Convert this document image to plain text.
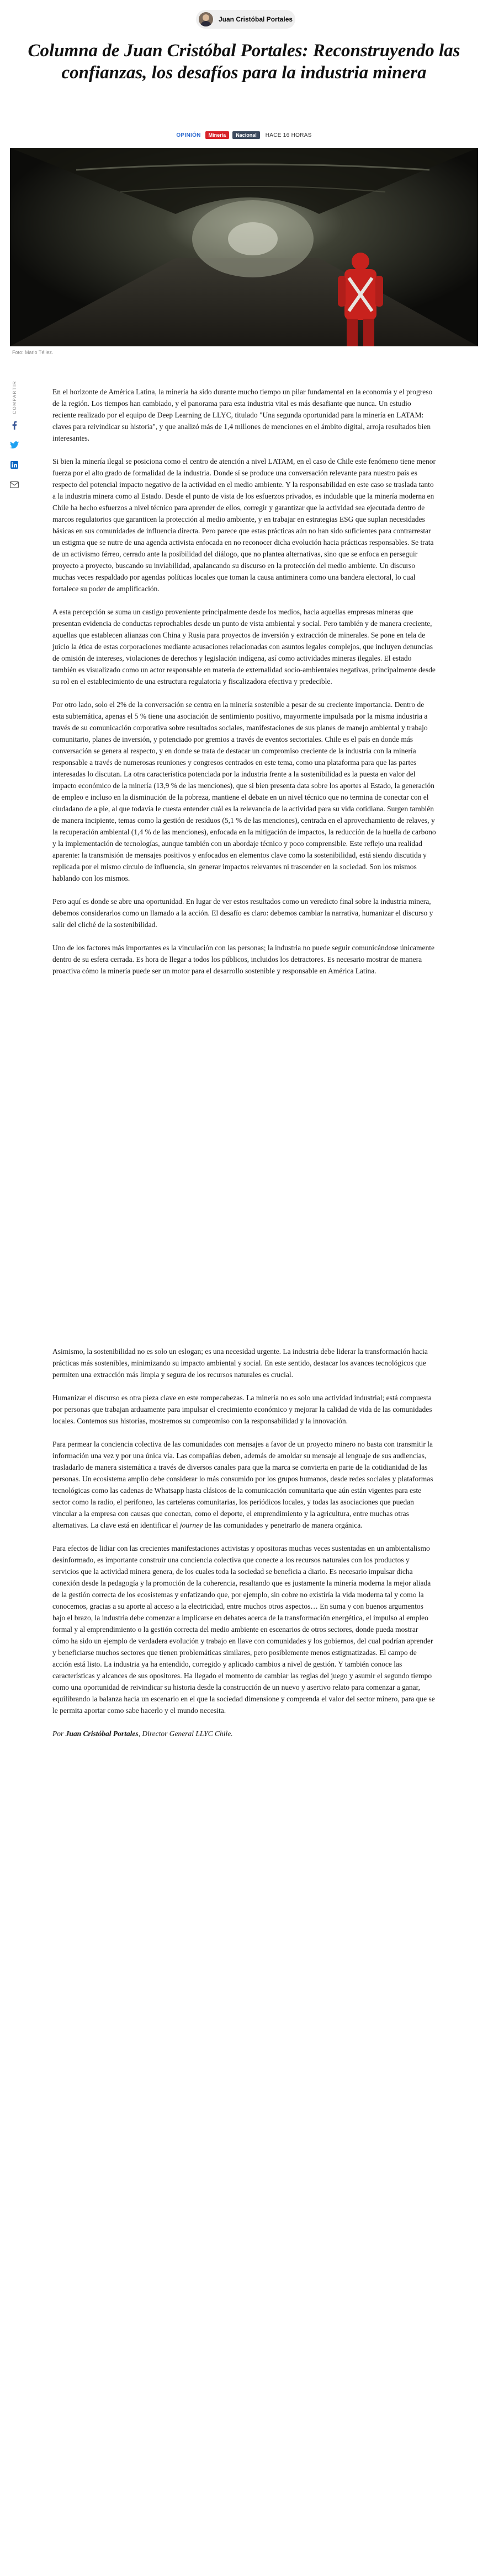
Juan Cristóbal Portales
Columna de Juan Cristóbal Portales: Reconstruyendo las confianzas, los desafíos para la industria minera
OPINIÓN	Minería	Nacional	HACE 16 HORAS
Foto: Mario Téllez.
COMPARTIR	En el horizonte de América Latina, la minería ha sido durante mucho tiempo un pilar fundamental en la economía y el progreso de la región. Los tiempos han cambiado, y el panorama para esta industria vital es más desafiante que nunca. Un estudio reciente realizado por el equipo de Deep Learning de LLYC, titulado "Una segunda oportunidad para la minería en LATAM: claves para reivindicar su historia", y que analizó más de 1,4 millones de menciones en el ámbito digital, arroja resultados bien interesantes.

Si bien la minería ilegal se posiciona como el centro de atención a nivel LATAM, en el caso de Chile este fenómeno tiene menor fuerza por el alto grado de formalidad de la industria. Donde sí se produce una conversación relevante para nuestro país es respecto del potencial impacto negativo de la actividad en el medio ambiente. Y la responsabilidad en este caso se traslada tanto a la industria minera como al Estado. Desde el punto de vista de los esfuerzos privados, es indudable que la minería moderna en Chile ha hecho esfuerzos a nivel técnico para aprender de ellos, corregir y garantizar que la actividad sea ejecutada dentro de marcos regulatorios que garanticen la protección al medio ambiente, y en trabajar en estrategias ESG que suplan necesidades básicas en sus comunidades de influencia directa. Pero parece que estas prácticas aún no han sido suficientes para contrarrestar un estigma que se nutre de una agenda activista enfocada en no reconocer dicha evolución hacia prácticas responsables. Se trata de un activismo férreo, cerrado ante la posibilidad del diálogo, que no plantea alternativas, sino que se enfoca en perseguir proyecto a proyecto, buscando su inviabilidad, apalancando su discurso en la protección del medio ambiente. Un discurso muchas veces respaldado por agendas políticas locales que toman la causa antiminera como una bandera electoral, lo cual fortalece su poder de amplificación.

A esta percepción se suma un castigo proveniente principalmente desde los medios, hacia aquellas empresas mineras que presentan evidencia de conductas reprochables desde un punto de vista ambiental y social. Pero también y de manera creciente, aquellas que establecen alianzas con China y Rusia para proyectos de inversión y extracción de minerales. Se pone en tela de juicio la ética de estas corporaciones mediante acusaciones relacionadas con asuntos legales complejos, que incluyen denuncias de omisión de intereses, violaciones de derechos y legislación indígena, así como actividades mineras ilegales. El estado también es visualizado como un actor responsable en materia de externalidad socio-ambientales negativas, principalmente desde su rol en el establecimiento de una estructura regulatoria y fiscalizadora efectiva y predecible.

Por otro lado, solo el 2% de la conversación se centra en la minería sostenible a pesar de su creciente importancia. Dentro de esta subtemática, apenas el 5 % tiene una asociación de sentimiento positivo, mayormente impulsada por la misma industria a través de su comunicación corporativa sobre resultados sociales, manifestaciones de sus planes de manejo ambiental y trabajo comunitario, planes de inversión, y potenciado por gremios a través de eventos sectoriales. Chile es el país en donde más conversación se genera al respecto, y en donde se trata de destacar un compromiso creciente de la industria con la minería responsable a través de numerosas reuniones y congresos centrados en este tema, como una plataforma para que las partes interesadas lo discutan. La otra característica potenciada por la industria frente a la sostenibilidad es la puesta en valor del impacto económico de la minería (13,9 % de las menciones), que si bien presenta data sobre los aportes al Estado, la generación de empleo e incluso en la disminución de la pobreza, mantiene el debate en un nivel técnico que no termina de conectar con el ciudadano de a pie, al que todavía le cuesta entender cuál es la relevancia de la actividad para su vida cotidiana. Surgen también de manera incipiente, temas como la gestión de residuos (5,1 % de las menciones), centrada en el aprovechamiento de relaves, y la recuperación ambiental (1,4 % de las menciones), enfocada en la mitigación de impactos, la reducción de la huella de carbono y la implementación de tecnologías, aunque también con un abordaje técnico y poco comprensible. Este reflejo una realidad aparente: la transmisión de mensajes positivos y enfocados en elementos clave como la sostenibilidad, está siendo discutida y replicada por el mismo círculo de influencia, sin generar impactos relevantes ni trascender en la sociedad. Son los mismos hablando con los mismos.

Pero aquí es donde se abre una oportunidad. En lugar de ver estos resultados como un veredicto final sobre la industria minera, debemos considerarlos como un llamado a la acción. El desafío es claro: debemos cambiar la narrativa, humanizar el discurso y salir del cliché de la sostenibilidad.

Uno de los factores más importantes es la vinculación con las personas; la industria no puede seguir comunicándose únicamente dentro de su esfera cerrada. Es hora de llegar a todos los públicos, incluidos los detractores. Es necesario mostrar de manera proactiva cómo la minería puede ser un motor para el desarrollo sostenible y responsable en América Latina.

Asimismo, la sostenibilidad no es solo un eslogan; es una necesidad urgente. La industria debe liderar la transformación hacia prácticas más sostenibles, minimizando su impacto ambiental y social. En este sentido, destacar los avances tecnológicos que permiten una extracción más limpia y segura de los recursos naturales es crucial.

Humanizar el discurso es otra pieza clave en este rompecabezas. La minería no es solo una actividad industrial; está compuesta por personas que trabajan arduamente para impulsar el crecimiento económico y mejorar la calidad de vida de las comunidades locales. Contemos sus historias, mostremos su compromiso con la responsabilidad y la innovación.

Para permear la conciencia colectiva de las comunidades con mensajes a favor de un proyecto minero no basta con transmitir la información una vez y por una única vía. Las compañías deben, además de amoldar su mensaje al lenguaje de sus audiencias, trasladarlo de manera sistemática a través de diversos canales para que la marca se convierta en parte de la cotidianidad de las personas. Un ecosistema amplio debe considerar lo más consumido por los grupos humanos, desde redes sociales y plataformas tecnológicas como las cadenas de Whatsapp hasta clásicos de la comunicación comunitaria que aún están vigentes para este sector como la radio, el perifoneo, las carteleras comunitarias, los periódicos locales, y todas las asociaciones que puedan vincular a la empresa con causas que conectan, como el deporte, el emprendimiento y la agricultura, entre muchas otras alternativas. La clave está en identificar el journey de las comunidades y penetrarlo de manera orgánica.

Para efectos de lidiar con las crecientes manifestaciones activistas y opositoras muchas veces sustentadas en un ambientalismo desinformado, es importante construir una conciencia colectiva que conecte a los recursos naturales con los productos y servicios que la actividad minera genera, de los cuales toda la sociedad se beneficia a diario. Es necesario impulsar dicha conexión desde la pedagogía y la promoción de la coherencia, resaltando que es justamente la minería moderna la mejor aliada de la gestión correcta de los ecosistemas y enfatizando que, por ejemplo, sin cobre no existiría la vida moderna tal y como la conocemos, gracias a su aporte al acceso a la electricidad, entre muchos otros aspectos… En suma y con buenos argumentos bajo el brazo, la industria debe comenzar a implicarse en debates acerca de la transformación energética, el impulso al empleo formal y al emprendimiento o la gestión correcta del medio ambiente en escenarios de otros sectores, donde pueda mostrar cómo ha sido un ejemplo de verdadera evolución y trabajo en llave con comunidades y los gobiernos, del cual podrían aprender y beneficiarse muchos sectores que tienen problemáticas similares, pero posiblemente menos estigmatizadas. El campo de acción está listo. La industria ya ha entendido, corregido y aplicado cambios a nivel de gestión. Y también conoce las características y alcances de sus opositores. Ha llegado el momento de cambiar las reglas del juego y asumir el segundo tiempo como una oportunidad de reivindicar su historia desde la construcción de un nuevo y asertivo relato para comenzar a ganar, equilibrando la balanza hacia un escenario en el que la sociedad dimensione y comprenda el valor del sector minero, para que se le permita aportar como sabe hacerlo y el mundo necesita.

Por Juan Cristóbal Portales, Director General LLYC Chile.
